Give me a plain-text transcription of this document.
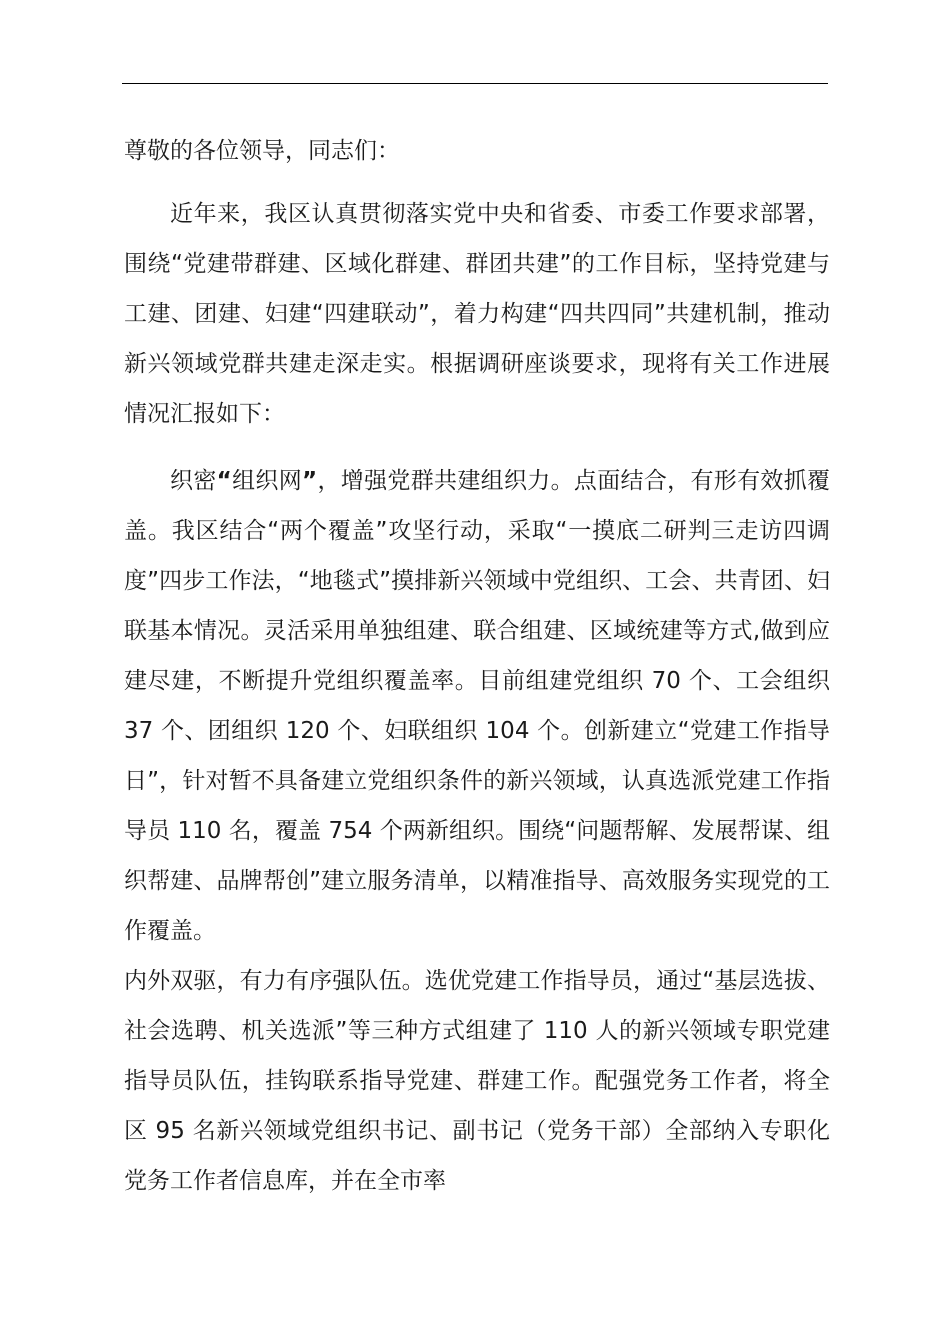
尊敬的各位领导，同志们：

近年来，我区认真贯彻落实党中央和省委、市委工作要求部署，围绕“党建带群建、区域化群建、群团共建”的工作目标，坚持党建与工建、团建、妇建“四建联动”，着力构建“四共四同”共建机制，推动新兴领域党群共建走深走实。根据调研座谈要求，现将有关工作进展情况汇报如下：

织密“组织网”，增强党群共建组织力。点面结合，有形有效抓覆盖。我区结合“两个覆盖”攻坚行动，采取“一摸底二研判三走访四调度”四步工作法，“地毯式”摸排新兴领域中党组织、工会、共青团、妇联基本情况。灵活采用单独组建、联合组建、区域统建等方式,做到应建尽建，不断提升党组织覆盖率。目前组建党组织 70 个、工会组织 37 个、团组织 120 个、妇联组织 104 个。创新建立“党建工作指导日”，针对暂不具备建立党组织条件的新兴领域，认真选派党建工作指导员 110 名，覆盖 754 个两新组织。围绕“问题帮解、发展帮谋、组织帮建、品牌帮创”建立服务清单，以精准指导、高效服务实现党的工作覆盖。

内外双驱，有力有序强队伍。选优党建工作指导员，通过“基层选拔、社会选聘、机关选派”等三种方式组建了 110 人的新兴领域专职党建指导员队伍，挂钩联系指导党建、群建工作。配强党务工作者，将全区 95 名新兴领域党组织书记、副书记（党务干部）全部纳入专职化党务工作者信息库，并在全市率
